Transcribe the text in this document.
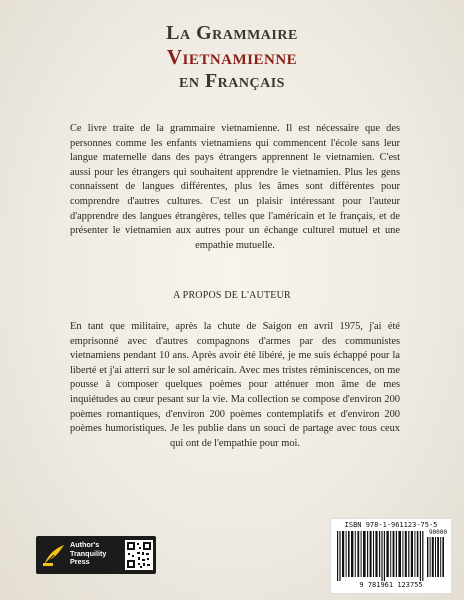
La Grammaire
Vietnamienne
en Français

Ce livre traite de la grammaire vietnamienne. Il est nécessaire que des personnes comme les enfants vietnamiens qui commencent l'école sans leur langue maternelle dans des pays étrangers apprennent le vietnamien. C'est aussi pour les étrangers qui souhaitent apprendre le vietnamien. Plus les gens connaissent de langues différentes, plus les âmes sont différentes pour comprendre d'autres cultures. C'est un plaisir intéressant pour l'auteur d'apprendre des langues étrangères, telles que l'américain et le français, et de présenter le vietnamien aux autres pour un échange culturel mutuel et une empathie mutuelle.

A PROPOS DE L'AUTEUR

En tant que militaire, après la chute de Saigon en avril 1975, j'ai été emprisonné avec d'autres compagnons d'armes par des communistes vietnamiens pendant 10 ans. Après avoir été libéré, je me suis échappé pour la liberté et j'ai atterri sur le sol américain. Avec mes tristes réminiscences, on me pousse à composer quelques poèmes pour atténuer mon âme de mes inquiétudes au cœur pesant sur la vie. Ma collection se compose d'environ 200 poèmes romantiques, d'environ 200 poèmes contemplatifs et d'environ 200 poèmes humoristiques. Je les publie dans un souci de partage avec tous ceux qui ont de l'empathie pour moi.

Author's
Tranquility
Press

ISBN 978-1-961123-75-5

90000

9 781961 123755
